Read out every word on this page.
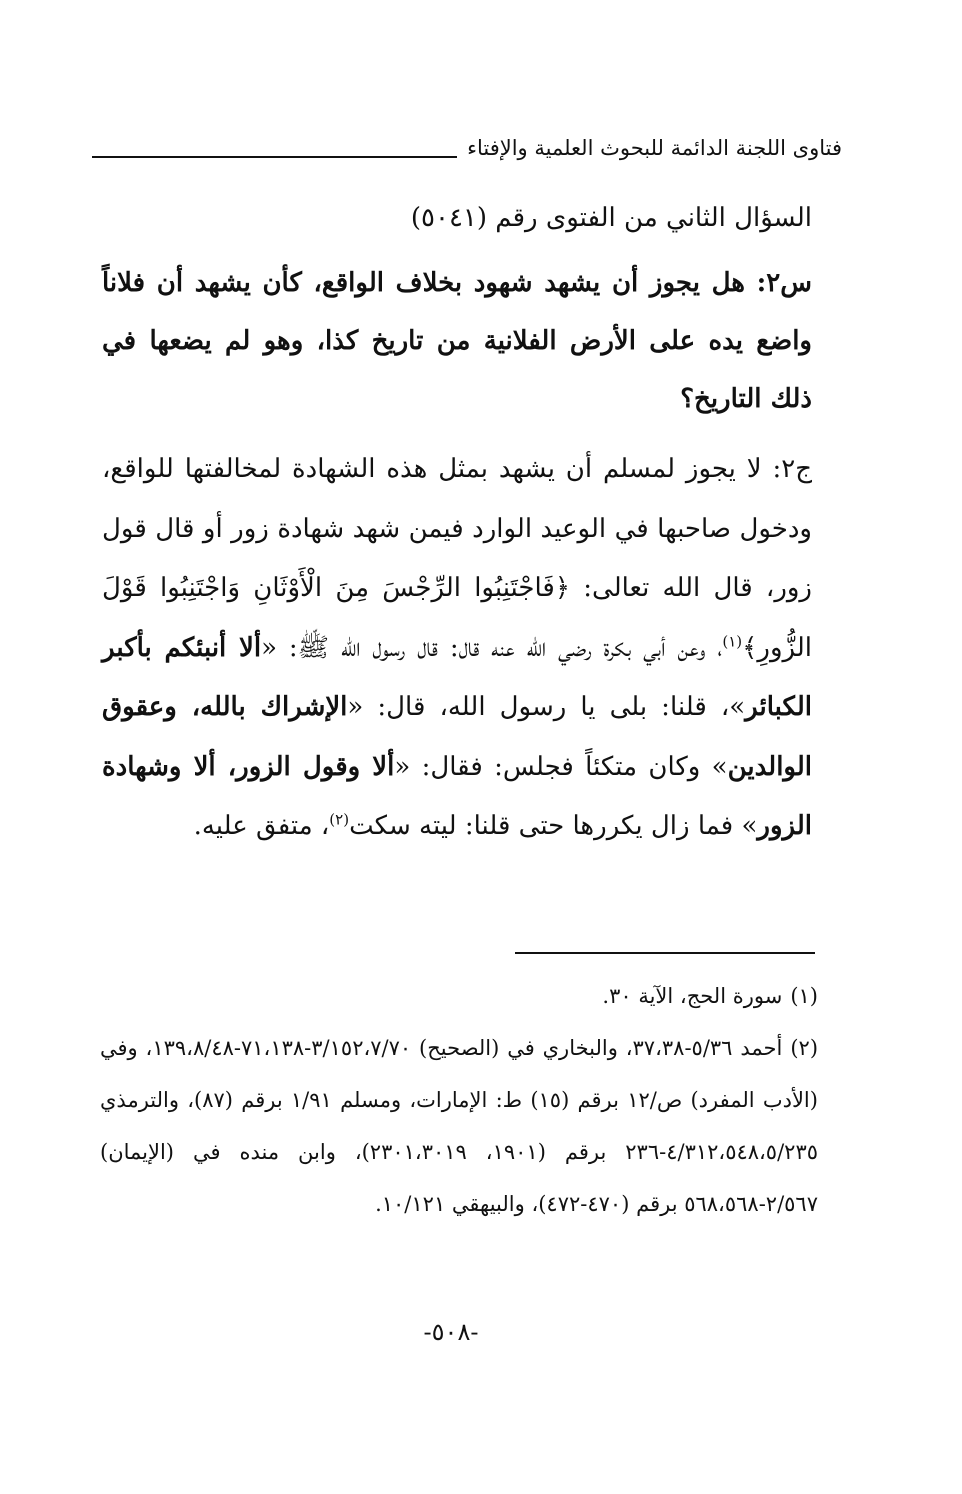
فتاوى اللجنة الدائمة للبحوث العلمية والإفتاء
السؤال الثاني من الفتوى رقم (٥٠٤١)
س٢: هل يجوز أن يشهد شهود بخلاف الواقع، كأن يشهد أن فلاناً واضع يده على الأرض الفلانية من تاريخ كذا، وهو لم يضعها في ذلك التاريخ؟
ج٢: لا يجوز لمسلم أن يشهد بمثل هذه الشهادة لمخالفتها للواقع، ودخول صاحبها في الوعيد الوارد فيمن شهد شهادة زور أو قال قول زور، قال الله تعالى: ﴿فَاجْتَنِبُوا الرِّجْسَ مِنَ الْأَوْثَانِ وَاجْتَنِبُوا قَوْلَ الزُّورِ﴾$^{(١)}$، وعن أبي بكرة رضي الله عنه قال: قال رسول الله ﷺ: «ألا أنبئكم بأكبر الكبائر»، قلنا: بلى يا رسول الله، قال: «الإشراك بالله، وعقوق الوالدين» وكان متكئاً فجلس: فقال: «ألا وقول الزور، ألا وشهادة الزور» فما زال يكررها حتى قلنا: ليته سكت$^{(٢)}$، متفق عليه.

(١)سورة الحج، الآية ٣٠.

(٢)أحمد ٥/٣٦-٣٧،٣٨، والبخاري في (الصحيح) ٣/١٥٢،٧/٧٠-٧١،١٣٨-١٣٩،٨/٤٨، وفي (الأدب المفرد) ص/١٢ برقم (١٥) ط: الإمارات، ومسلم ١/٩١ برقم (٨٧)، والترمذي ٤/٣١٢،٥٤٨،٥/٢٣٥-٢٣٦ برقم (١٩٠١، ٢٣٠١،٣٠١٩)، وابن منده في (الإيمان) ٢/٥٦٧-٥٦٨،٥٦٨ برقم (٤٧٠-٤٧٢)، والبيهقي ١٠/١٢١.

-٥٠٨-
